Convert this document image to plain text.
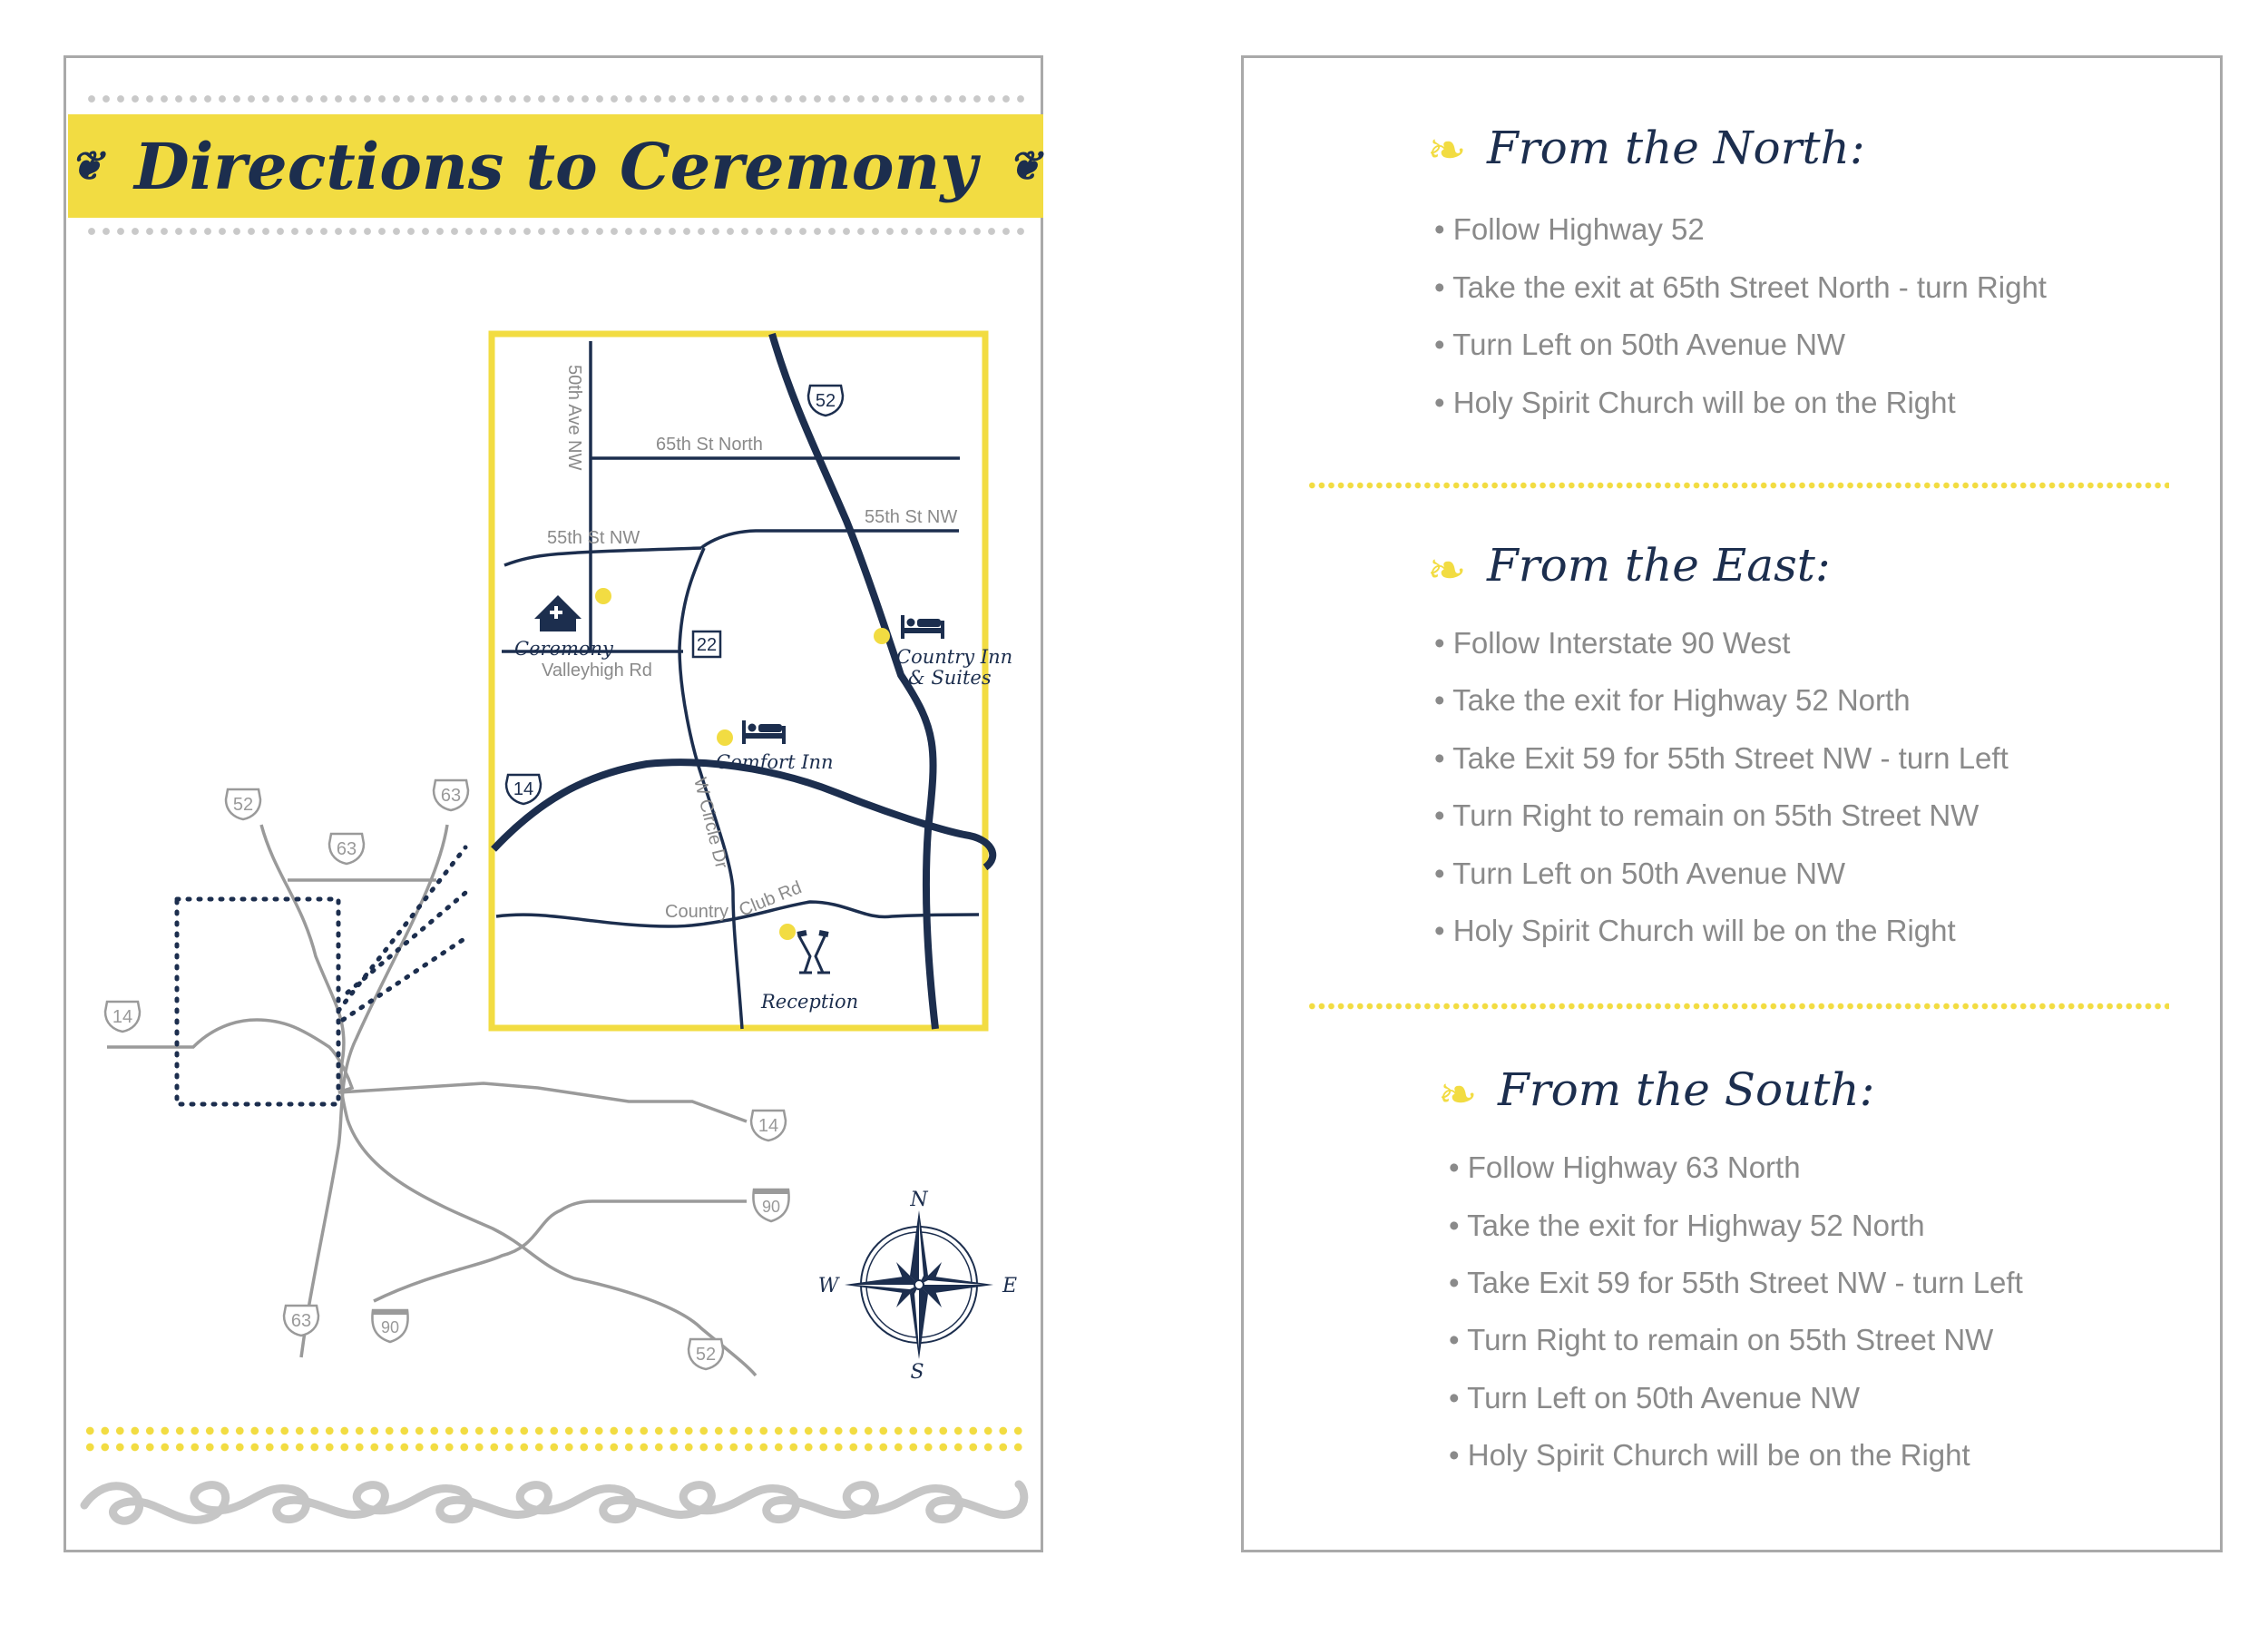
❦ Directions to Ceremony ❦
50th Ave NW	65th St North
55th St NW
55th St NW
Valleyhigh Rd
W Circle Dr
Country Club Rd
Ceremony	Country Inn
& Suites
Comfort Inn
Reception
52
22
14
52	63
63
14
14
90
63	90
52
N
E
S
W
❧ From the North:
• Follow Highway 52
• Take the exit at 65th Street North - turn Right
• Turn Left on 50th Avenue NW
• Holy Spirit Church will be on the Right
❧ From the East:
• Follow Interstate 90 West
• Take the exit for Highway 52 North
• Take Exit 59 for 55th Street NW - turn Left
• Turn Right to remain on 55th Street NW
• Turn Left on 50th Avenue NW
• Holy Spirit Church will be on the Right
❧ From the South:
• Follow Highway 63 North
• Take the exit for Highway 52 North
• Take Exit 59 for 55th Street NW - turn Left
• Turn Right to remain on 55th Street NW
• Turn Left on 50th Avenue NW
• Holy Spirit Church will be on the Right
